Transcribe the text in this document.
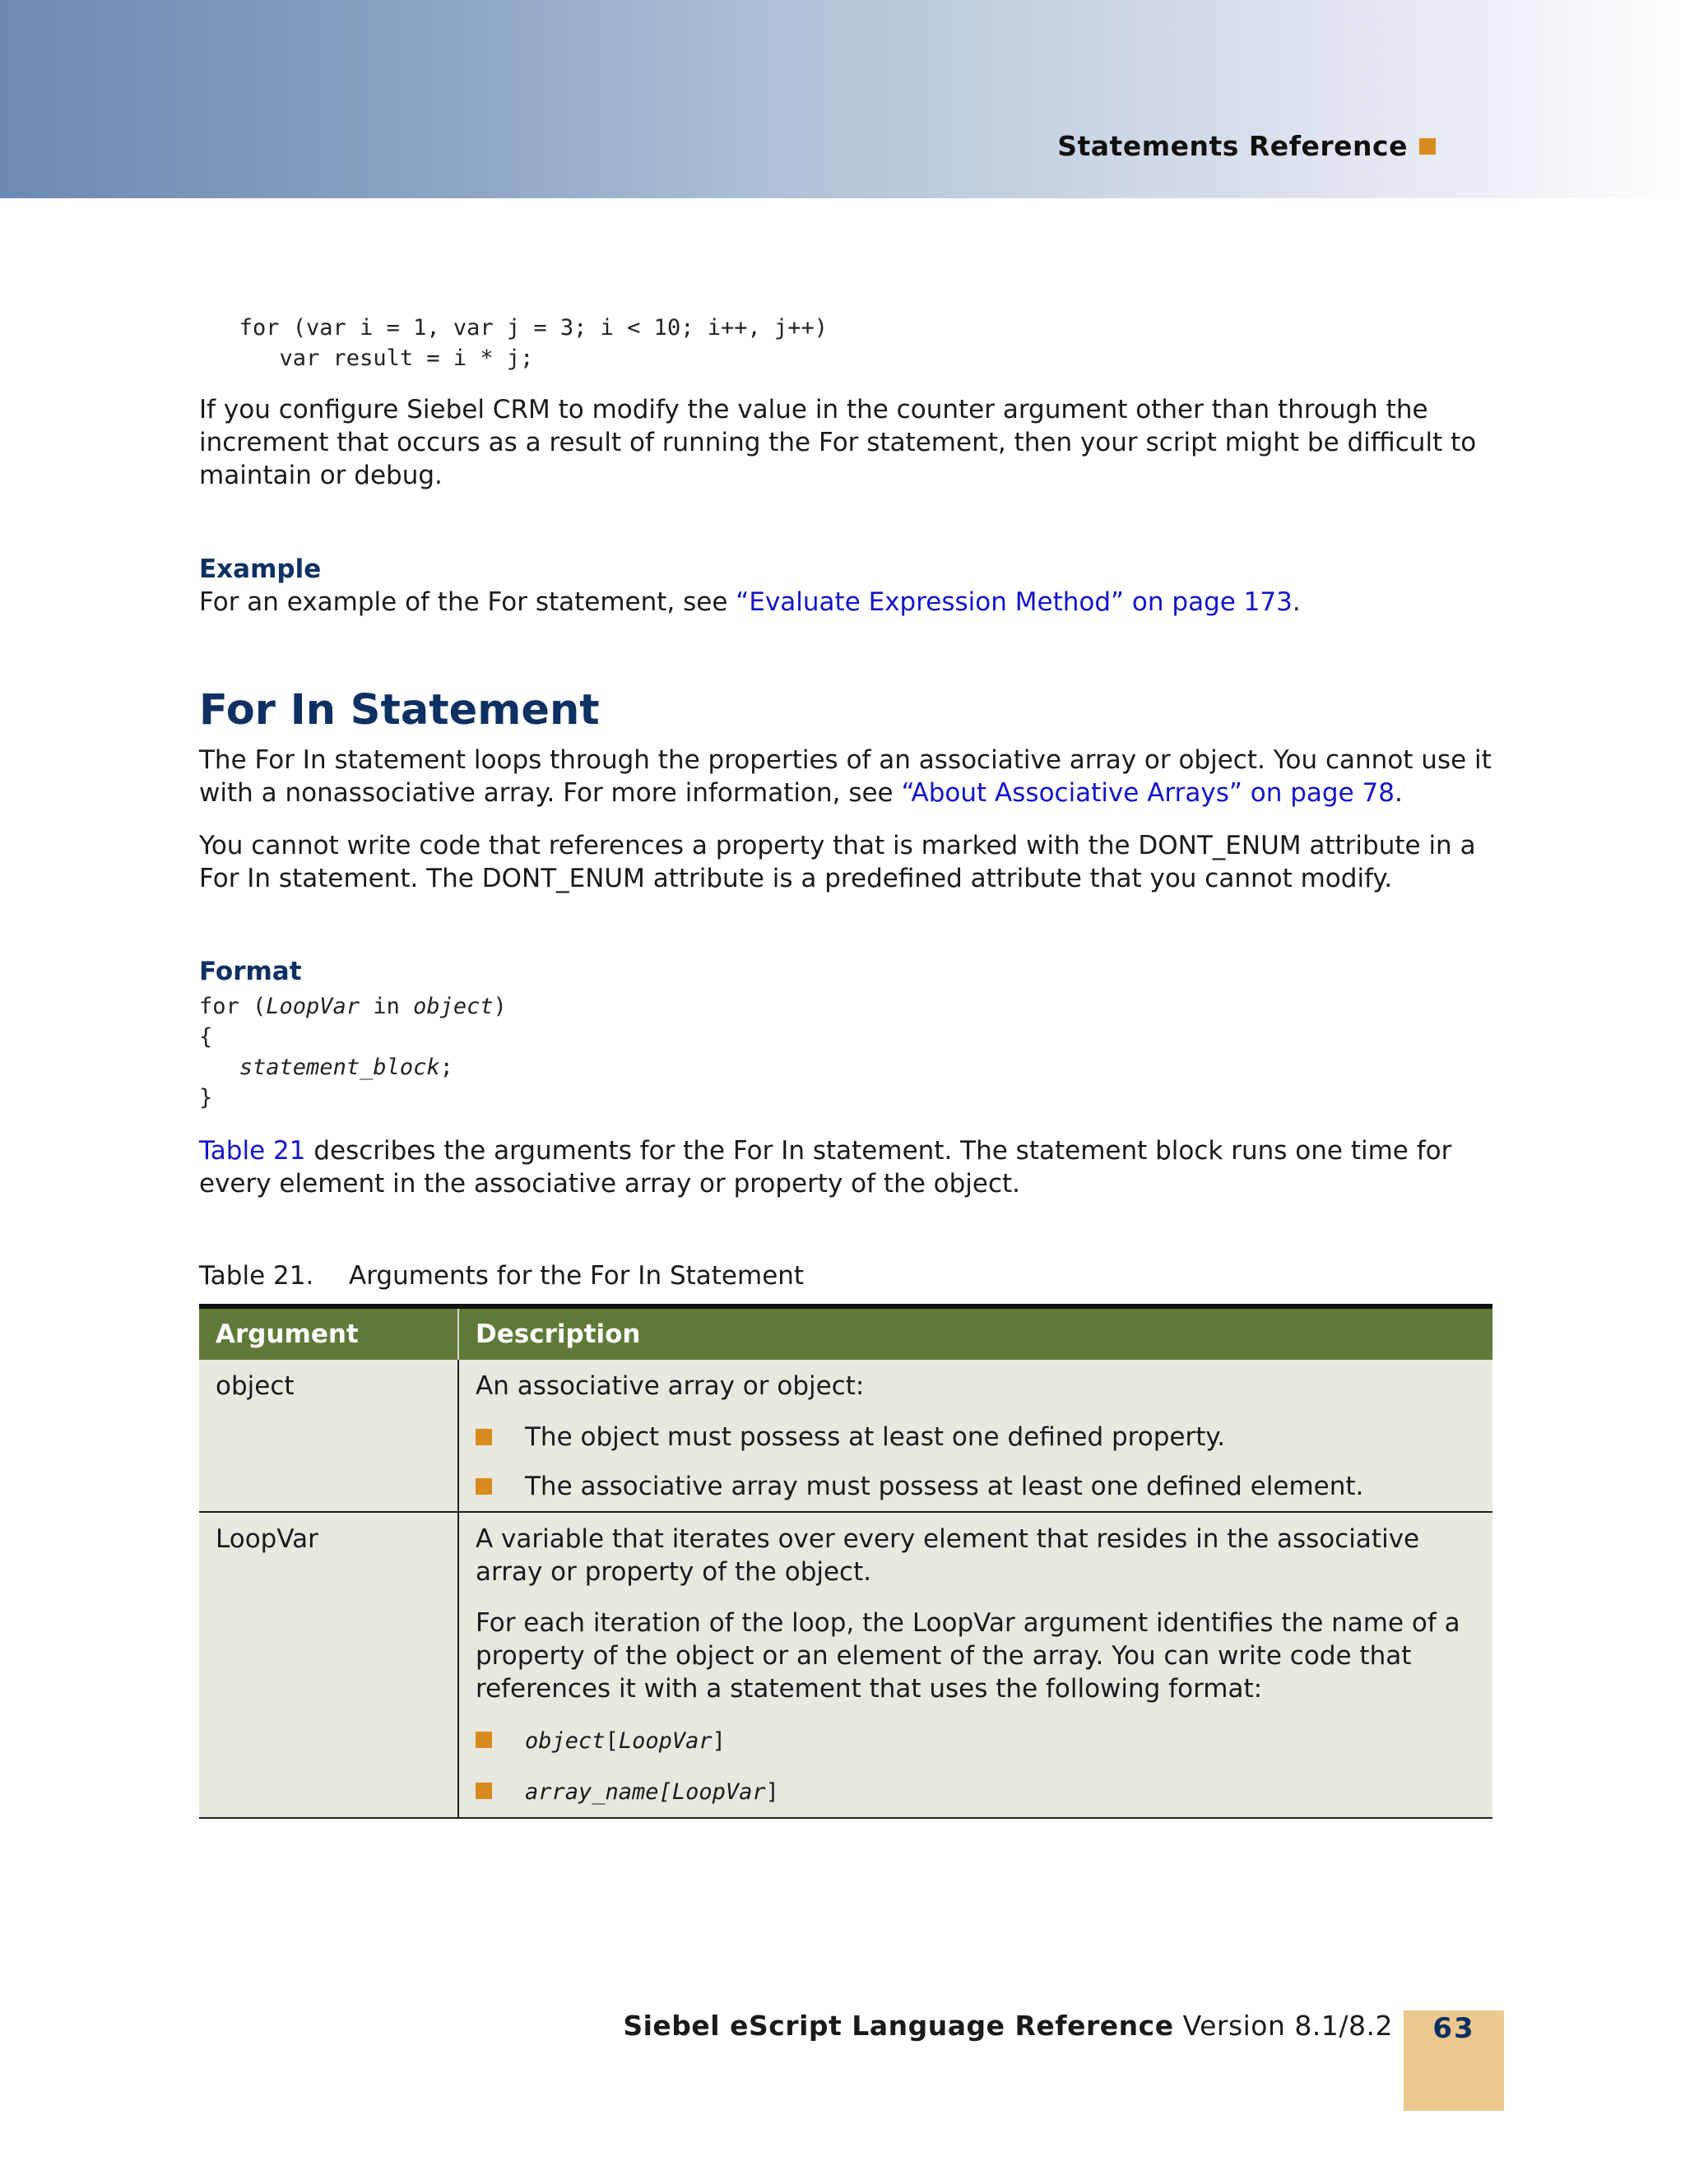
Statements Reference
for (var i = 1, var j = 3; i < 10; i++, j++)
var result = i * j;

If you configure Siebel CRM to modify the value in the counter argument other than through the increment that occurs as a result of running the For statement, then your script might be difficult to maintain or debug.

Example

For an example of the For statement, see “Evaluate Expression Method” on page 173.

For In Statement

The For In statement loops through the properties of an associative array or object. You cannot use it with a nonassociative array. For more information, see “About Associative Arrays” on page 78.

You cannot write code that references a property that is marked with the DONT_ENUM attribute in a For In statement. The DONT_ENUM attribute is a predefined attribute that you cannot modify.

Format

for (LoopVar in object)
{
statement_block;
}

Table 21 describes the arguments for the For In statement. The statement block runs one time for every element in the associative array or property of the object.

Table 21. Arguments for the For In Statement

Argument	Description
object	An associative array or object:

The object must possess at least one defined property.
The associative array must possess at least one defined element.

LoopVar	A variable that iterates over every element that resides in the associative array or property of the object.

For each iteration of the loop, the LoopVar argument identifies the name of a property of the object or an element of the array. You can write code that references it with a statement that uses the following format:

object[LoopVar]
array_name[LoopVar]
Siebel eScript Language Reference Version 8.1/8.2	63
